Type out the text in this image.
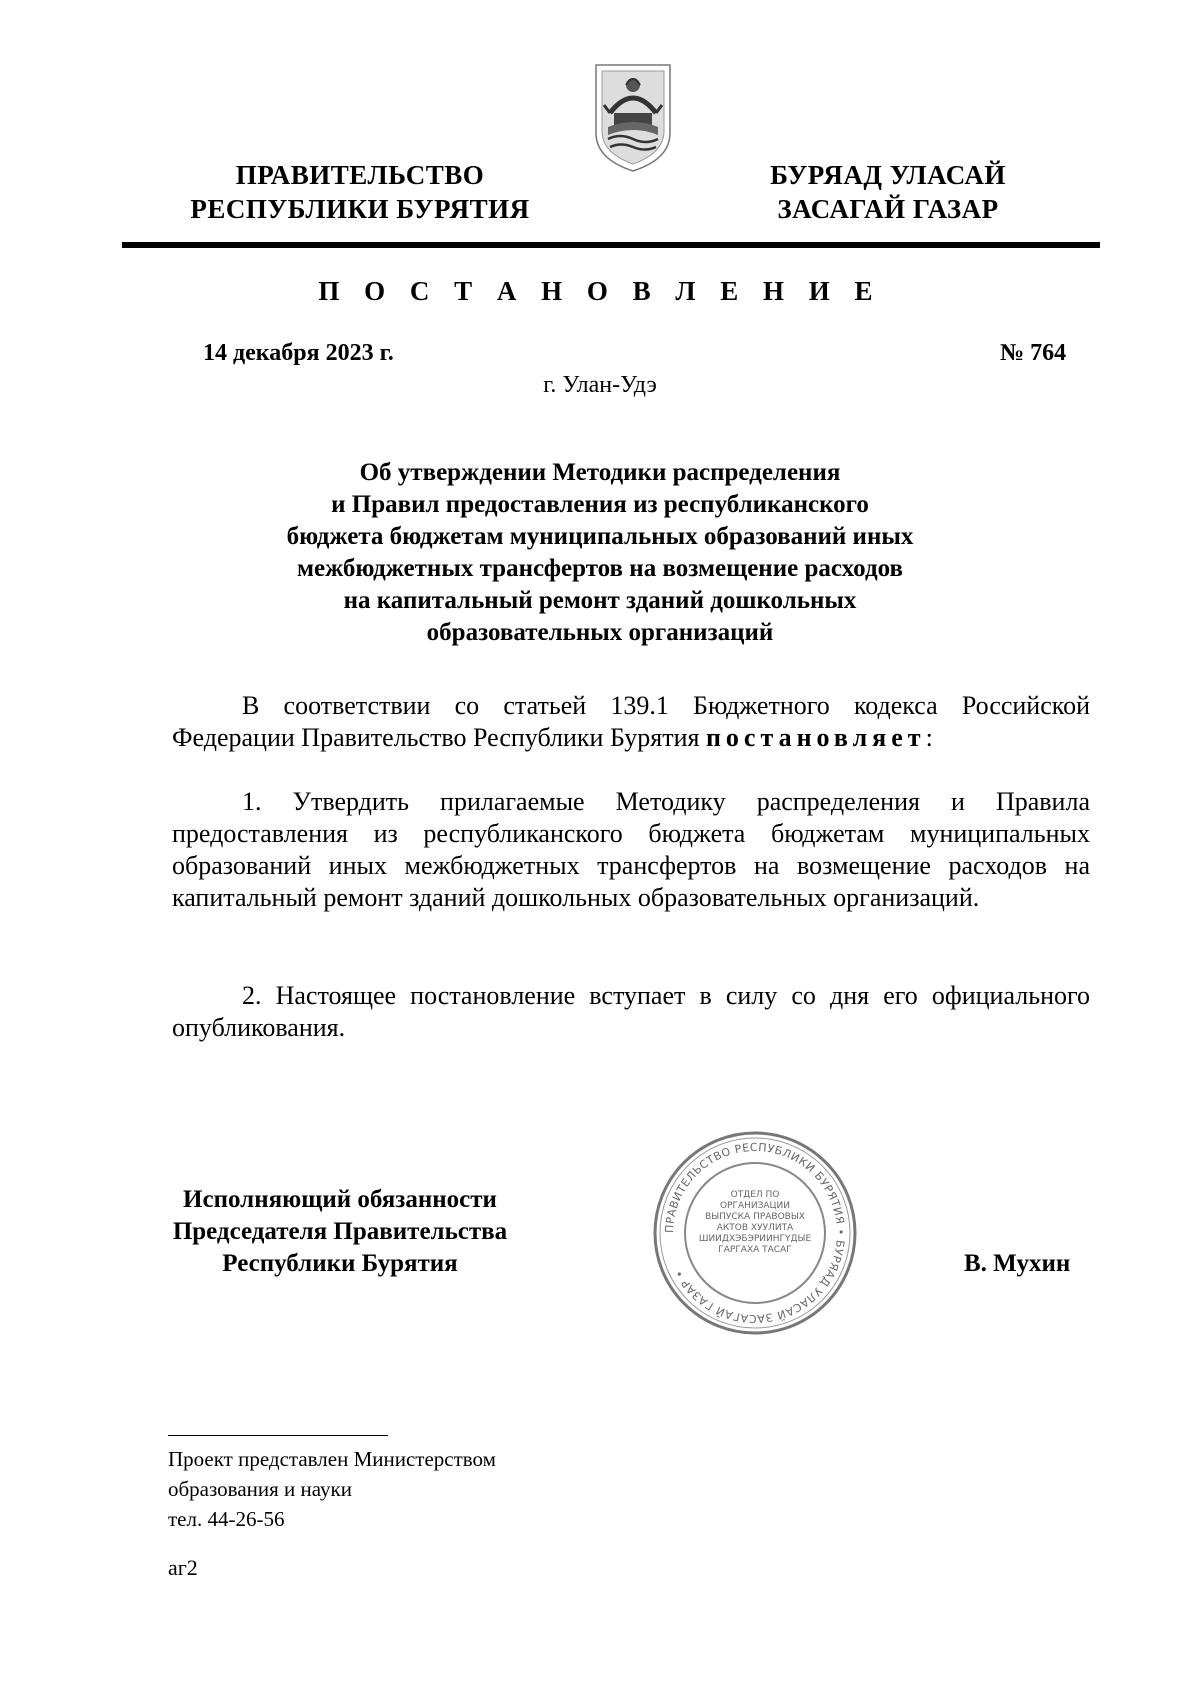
ПРАВИТЕЛЬСТВО
РЕСПУБЛИКИ БУРЯТИЯ
БУРЯАД УЛАСАЙ
ЗАСАГАЙ ГАЗАР
П О С Т А Н О В Л Е Н И Е
14 декабря 2023 г.	№ 764
г. Улан-Удэ
Об утверждении Методики распределения
и Правил предоставления из республиканского
бюджета бюджетам муниципальных образований иных
межбюджетных трансфертов на возмещение расходов
на капитальный ремонт зданий дошкольных
образовательных организаций
В соответствии со статьей 139.1 Бюджетного кодекса Российской Федерации Правительство Республики Бурятия постановляет:
1. Утвердить прилагаемые Методику распределения и Правила предоставления из республиканского бюджета бюджетам муниципальных образований иных межбюджетных трансфертов на возмещение расходов на капитальный ремонт зданий дошкольных образовательных организаций.
2. Настоящее постановление вступает в силу со дня его официального опубликования.
Исполняющий обязанности
Председателя Правительства
Республики Бурятия
ПРАВИТЕЛЬСТВО РЕСПУБЛИКИ БУРЯТИЯ • БУРЯАД УЛАСАЙ ЗАСАГАЙ ГАЗАР •
ОТДЕЛ ПО ОРГАНИЗАЦИИ ВЫПУСКА ПРАВОВЫХ АКТОВ ХУУЛИТА ШИИДХЭБЭРИИНГҮДЫЕ ГАРГАХА ТАСАГ	В. Мухин
Проект представлен Министерством
образования и науки
тел. 44-26-56
аг2
